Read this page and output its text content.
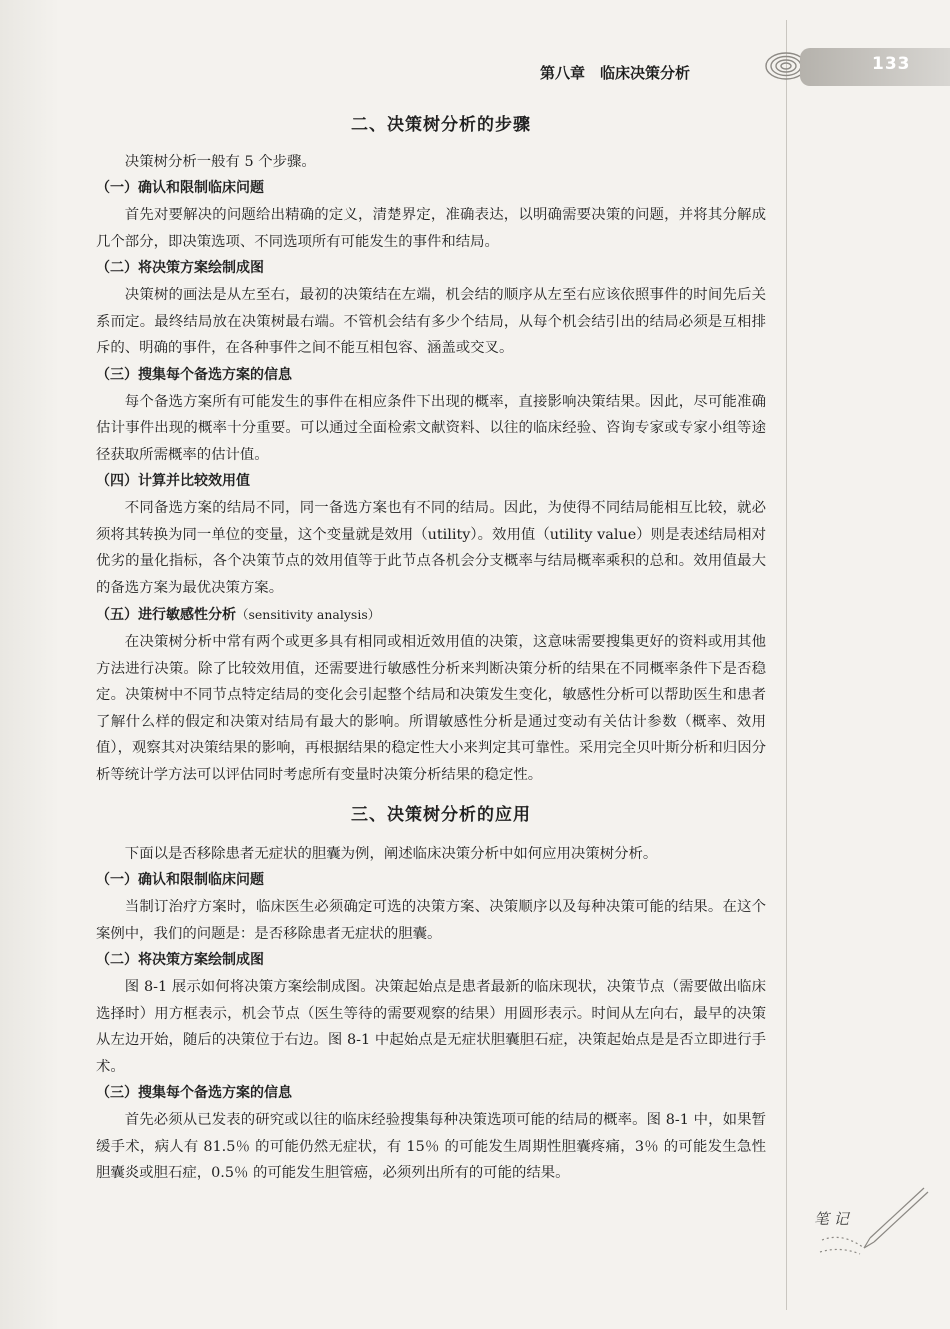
第八章　临床决策分析	133
二、决策树分析的步骤

决策树分析一般有 5 个步骤。

（一）确认和限制临床问题

首先对要解决的问题给出精确的定义，清楚界定，准确表达，以明确需要决策的问题，并将其分解成几个部分，即决策选项、不同选项所有可能发生的事件和结局。

（二）将决策方案绘制成图

决策树的画法是从左至右，最初的决策结在左端，机会结的顺序从左至右应该依照事件的时间先后关系而定。最终结局放在决策树最右端。不管机会结有多少个结局，从每个机会结引出的结局必须是互相排斥的、明确的事件，在各种事件之间不能互相包容、涵盖或交叉。

（三）搜集每个备选方案的信息

每个备选方案所有可能发生的事件在相应条件下出现的概率，直接影响决策结果。因此，尽可能准确估计事件出现的概率十分重要。可以通过全面检索文献资料、以往的临床经验、咨询专家或专家小组等途径获取所需概率的估计值。

（四）计算并比较效用值

不同备选方案的结局不同，同一备选方案也有不同的结局。因此，为使得不同结局能相互比较，就必须将其转换为同一单位的变量，这个变量就是效用（utility）。效用值（utility value）则是表述结局相对优劣的量化指标，各个决策节点的效用值等于此节点各机会分支概率与结局概率乘积的总和。效用值最大的备选方案为最优决策方案。

（五）进行敏感性分析（sensitivity analysis）

在决策树分析中常有两个或更多具有相同或相近效用值的决策，这意味需要搜集更好的资料或用其他方法进行决策。除了比较效用值，还需要进行敏感性分析来判断决策分析的结果在不同概率条件下是否稳定。决策树中不同节点特定结局的变化会引起整个结局和决策发生变化，敏感性分析可以帮助医生和患者了解什么样的假定和决策对结局有最大的影响。所谓敏感性分析是通过变动有关估计参数（概率、效用值），观察其对决策结果的影响，再根据结果的稳定性大小来判定其可靠性。采用完全贝叶斯分析和归因分析等统计学方法可以评估同时考虑所有变量时决策分析结果的稳定性。

三、决策树分析的应用

下面以是否移除患者无症状的胆囊为例，阐述临床决策分析中如何应用决策树分析。

（一）确认和限制临床问题

当制订治疗方案时，临床医生必须确定可选的决策方案、决策顺序以及每种决策可能的结果。在这个案例中，我们的问题是：是否移除患者无症状的胆囊。

（二）将决策方案绘制成图

图 8-1 展示如何将决策方案绘制成图。决策起始点是患者最新的临床现状，决策节点（需要做出临床选择时）用方框表示，机会节点（医生等待的需要观察的结果）用圆形表示。时间从左向右，最早的决策从左边开始，随后的决策位于右边。图 8-1 中起始点是无症状胆囊胆石症，决策起始点是是否立即进行手术。

（三）搜集每个备选方案的信息

首先必须从已发表的研究或以往的临床经验搜集每种决策选项可能的结局的概率。图 8-1 中，如果暂缓手术，病人有 81.5％ 的可能仍然无症状，有 15％ 的可能发生周期性胆囊疼痛，3％ 的可能发生急性胆囊炎或胆石症，0.5％ 的可能发生胆管癌，必须列出所有的可能的结果。

笔 记
